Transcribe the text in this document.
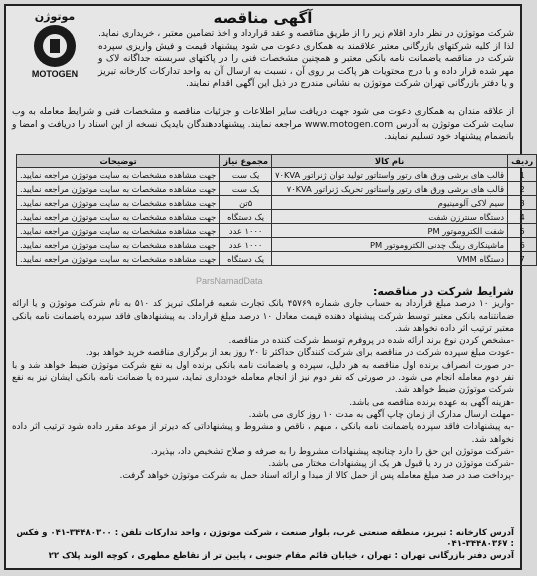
آگهی مناقصه
موتوژن
MOTOGEN
شرکت موتوژن در نظر دارد اقلام زیر را از طریق مناقصه و عقد قرارداد و اخذ تضامین معتبر ، خریداری نماید. لذا از کلیه شرکتهای بازرگانی معتبر علاقمند به همکاری دعوت می شود پیشنهاد قیمت و فیش واریزی سپرده شرکت در مناقصه یاضمانت نامه بانکی معتبر و همچنین مشخصات فنی را در پاکتهای سربسته جداگانه لاک و مهر شده قرار داده و با درج محتویات هر پاکت بر روی آن ، نسبت به ارسال آن به واحد تدارکات کارخانه تبریز و یا دفتر بازرگانی تهران شرکت موتوژن به نشانی مندرج در ذیل این آگهی اقدام نمایند.
از علاقه مندان به همکاری دعوت می شود جهت دریافت سایر اطلاعات و جزئیات مناقصه و مشخصات فنی و شرایط معامله به وب سایت شرکت موتوژن به آدرس www.motogen.com مراجعه نمایند. پیشنهاددهندگان بایدیک نسخه از این اسناد را دریافت و امضا و بانضمام پیشنهاد خود تسلیم نمایند.
ردیف	نام کالا	مجموع نیاز	توضیحات
1	قالب های برشی ورق های رتور واستاتور تولید توان ژنراتور ۷۰KVA	یک ست	جهت مشاهده مشخصات به سایت موتوژن مراجعه نمایید.
2	قالب های برشی ورق های رتور واستاتور تحریک ژنراتور ۷۰KVA	یک ست	جهت مشاهده مشخصات به سایت موتوژن مراجعه نمایید.
3	سیم لاکی آلومینیوم	۵تن	جهت مشاهده مشخصات به سایت موتوژن مراجعه نمایید.
4	دستگاه سنترزن شفت	یک دستگاه	جهت مشاهده مشخصات به سایت موتوژن مراجعه نمایید.
5	شفت الکتروموتور PM	۱۰۰۰ عدد	جهت مشاهده مشخصات به سایت موتوژن مراجعه نمایید.
6	ماشینکاری رینگ چدنی الکتروموتور PM	۱۰۰۰ عدد	جهت مشاهده مشخصات به سایت موتوژن مراجعه نمایید.
7	دستگاه VMM	یک دستگاه	جهت مشاهده مشخصات به سایت موتوژن مراجعه نمایید.
ParsNamadData
شرایط شرکت در مناقصه:

-واریز ۱۰ درصد مبلغ قرارداد به حساب جاری شماره ۴۵۷۶۹ بانک تجارت شعبه قراملک تبریز کد ۵۱۰ به نام شرکت موتوژن و یا ارائه ضمانتنامه بانکی معتبر توسط شرکت پیشنهاد دهنده قیمت معادل ۱۰ درصد مبلغ قرارداد. به پیشنهادهای فاقد سپرده یاضمانت نامه بانکی معتبر ترتیب اثر داده نخواهد شد.

-مشخص کردن نوع برند ارائه شده در پروفرم توسط شرکت کننده در مناقصه.

-عودت مبلغ سپرده شرکت در مناقصه برای شرکت کنندگان حداکثر تا ۲۰ روز بعد از برگزاری مناقصه خرید خواهد بود.

-در صورت انصراف برنده اول مناقصه به هر دلیل، سپرده و یاضمانت نامه بانکی برنده اول به نفع شرکت موتوژن ضبط خواهد شد و با نفر دوم معامله انجام می شود. در صورتی که نفر دوم نیز از انجام معامله خودداری نماید، سپرده یا ضمانت نامه بانکی ایشان نیز به نفع شرکت موتوژن ضبط خواهد شد.

-هزینه آگهی به عهده برنده مناقصه می باشد.

-مهلت ارسال مدارک از زمان چاپ آگهی به مدت ۱۰ روز کاری می باشد.

-به پیشنهادات فاقد سپرده یاضمانت نامه بانکی ، مبهم ، ناقص و مشروط و پیشنهاداتی که دیرتر از موعد مقرر داده شود ترتیب اثر داده نخواهد شد.

-شرکت موتوژن این حق را دارد چنانچه پیشنهادات مشروط را به صرفه و صلاح تشخیص داد، بپذیرد.

-شرکت موتوژن در رد یا قبول هر یک از پیشنهادات مختار می باشد.

-پرداخت صد در صد مبلغ معامله پس از حمل کالا از مبدا و ارائه اسناد حمل به شرکت موتوژن خواهد گرفت.

آدرس کارخانه : تبریز، منطقه صنعتی غرب، بلوار صنعت ، شرکت موتوژن ، واحد تدارکات تلفن : ۳۴۴۸۰۳۰۰-۰۴۱ و فکس : ۳۴۴۸۰۳۶۷-۰۴۱
آدرس دفتر بازرگانی تهران : تهران ، خیابان قائم مقام جنوبی ، پایین تر از تقاطع مطهری ، کوچه الوند پلاک ۲۲
